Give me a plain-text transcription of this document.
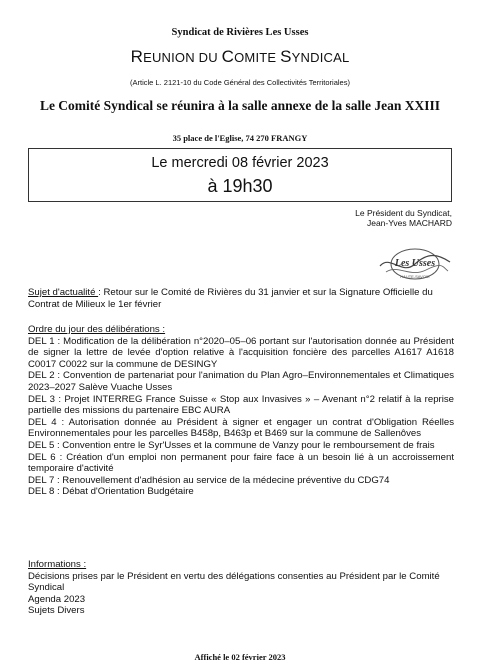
Syndicat de Rivières Les Usses
REUNION DU COMITE SYNDICAL
(Article L. 2121-10 du Code Général des Collectivités Territoriales)
Le Comité Syndical se réunira à la salle annexe de la salle Jean XXIII
35 place de l'Eglise, 74 270 FRANGY
Le mercredi 08 février 2023
à 19h30
Le Président du Syndicat,
Jean-Yves MACHARD
Les Usses
HAUTE-SAVOIE
Sujet d'actualité : Retour sur le Comité de Rivières du 31 janvier et sur la Signature Officielle du Contrat de Milieux le 1er février

Ordre du jour des délibérations :

DEL 1 : Modification de la délibération n°2020–05–06 portant sur l'autorisation donnée au Président de signer la lettre de levée d'option relative à l'acquisition foncière des parcelles A1617 A1618 C0017 C0022 sur la commune de DESINGY

DEL 2 : Convention de partenariat pour l'animation du Plan Agro–Environnementales et Climatiques 2023–2027 Salève Vuache Usses

DEL 3 : Projet INTERREG France Suisse « Stop aux Invasives » – Avenant n°2 relatif à la reprise partielle des missions du partenaire EBC AURA

DEL 4 : Autorisation donnée au Président à signer et engager un contrat d'Obligation Réelles Environnementales pour les parcelles B458p, B463p et B469 sur la commune de Sallenôves

DEL 5 : Convention entre le Syr'Usses et la commune de Vanzy pour le remboursement de frais

DEL 6 : Création d'un emploi non permanent pour faire face à un besoin lié à un accroissement temporaire d'activité

DEL 7 : Renouvellement d'adhésion au service de la médecine préventive du CDG74

DEL 8 : Débat d'Orientation Budgétaire

Informations :

Décisions prises par le Président en vertu des délégations consenties au Président par le Comité Syndical

Agenda 2023

Sujets Divers

Affiché le 02 février 2023
